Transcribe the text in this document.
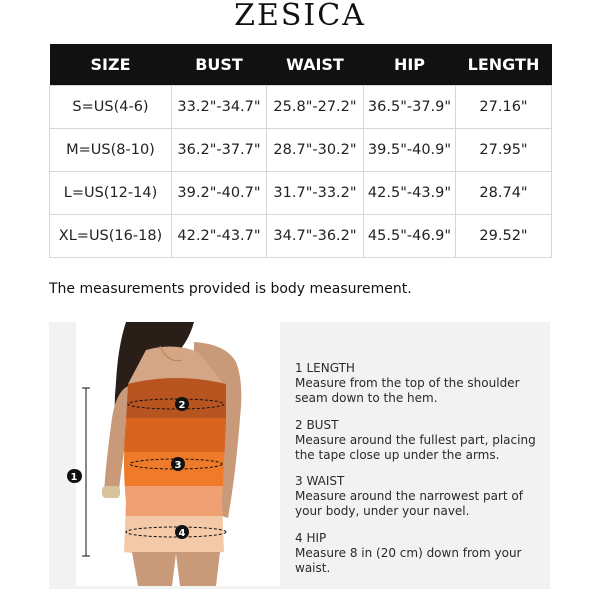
ZESICA
SIZE	BUST	WAIST	HIP	LENGTH
S=US(4-6)	33.2"-34.7"	25.8"-27.2"	36.5"-37.9"	27.16"
M=US(8-10)	36.2"-37.7"	28.7"-30.2"	39.5"-40.9"	27.95"
L=US(12-14)	39.2"-40.7"	31.7"-33.2"	42.5"-43.9"	28.74"
XL=US(16-18)	42.2"-43.7"	34.7"-36.2"	45.5"-46.9"	29.52"
The measurements provided is body measurement.
2
3
4
1
1 LENGTH
Measure from the top of the shoulder
seam down to the hem.
2 BUST
Measure around the fullest part, placing
the tape close up under the arms.
3 WAIST
Measure around the narrowest part of
your body, under your navel.
4 HIP
Measure 8 in (20 cm) down from your waist.
